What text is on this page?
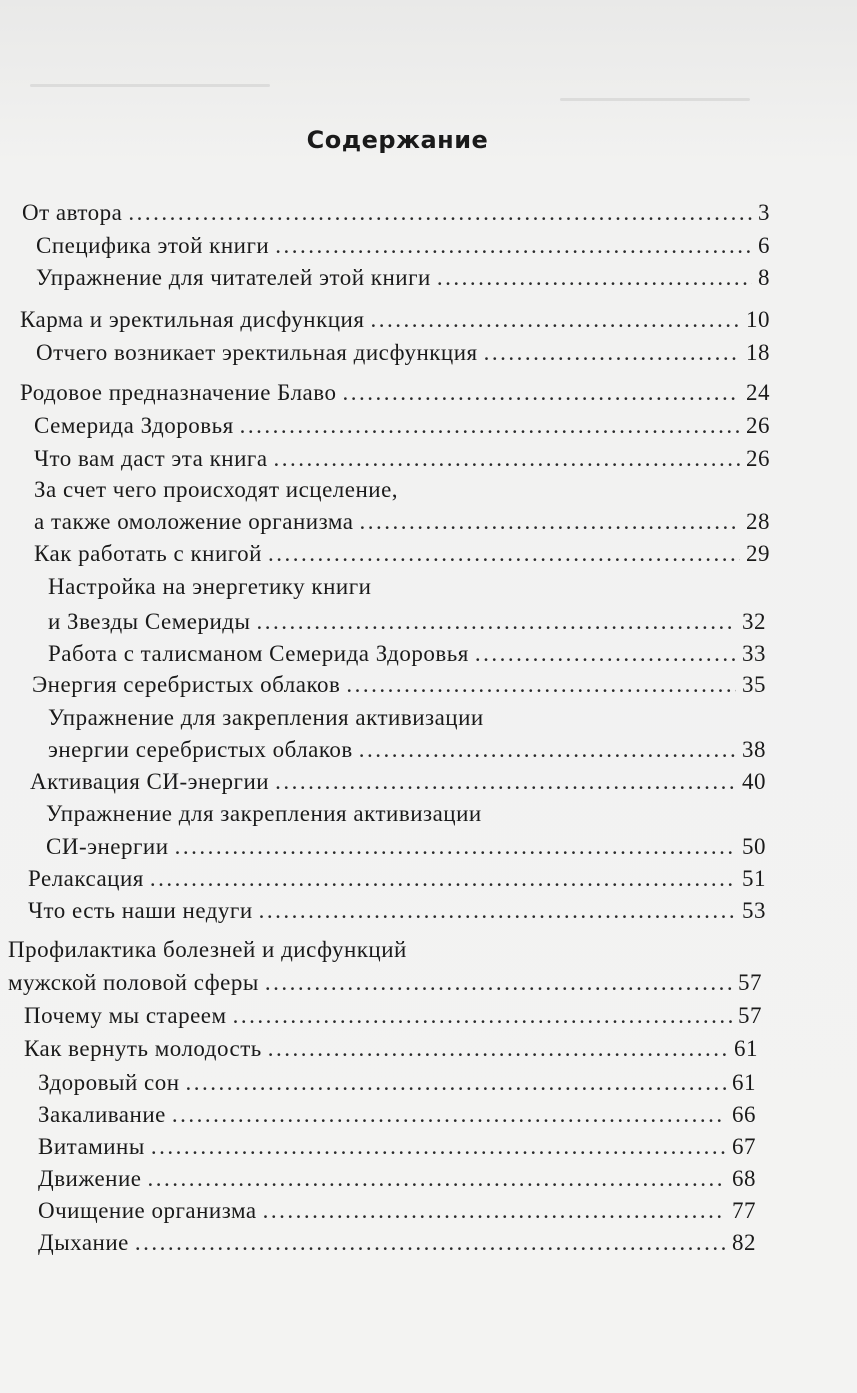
Содержание
От автора .....	3
Специфика этой книги .....	6
Упражнение для читателей этой книги .....	8
Карма и эректильная дисфункция .....	10
Отчего возникает эректильная дисфункция .....	18
Родовое предназначение Блаво .....	24
Семерида Здоровья .....	26
Что вам даст эта книга .....	26
За счет чего происходят исцеление,
а также омоложение организма .....	28
Как работать с книгой .....	29
Настройка на энергетику книги
и Звезды Семериды .....	32
Работа с талисманом Семерида Здоровья .....	33
Энергия серебристых облаков .....	35
Упражнение для закрепления активизации
энергии серебристых облаков .....	38
Активация СИ-энергии .....	40
Упражнение для закрепления активизации
СИ-энергии .....	50
Релаксация .....	51
Что есть наши недуги .....	53
Профилактика болезней и дисфункций
мужской половой сферы .....	57
Почему мы стареем .....	57
Как вернуть молодость .....	61
Здоровый сон .....	61
Закаливание .....	66
Витамины .....	67
Движение .....	68
Очищение организма .....	77
Дыхание .....	82
